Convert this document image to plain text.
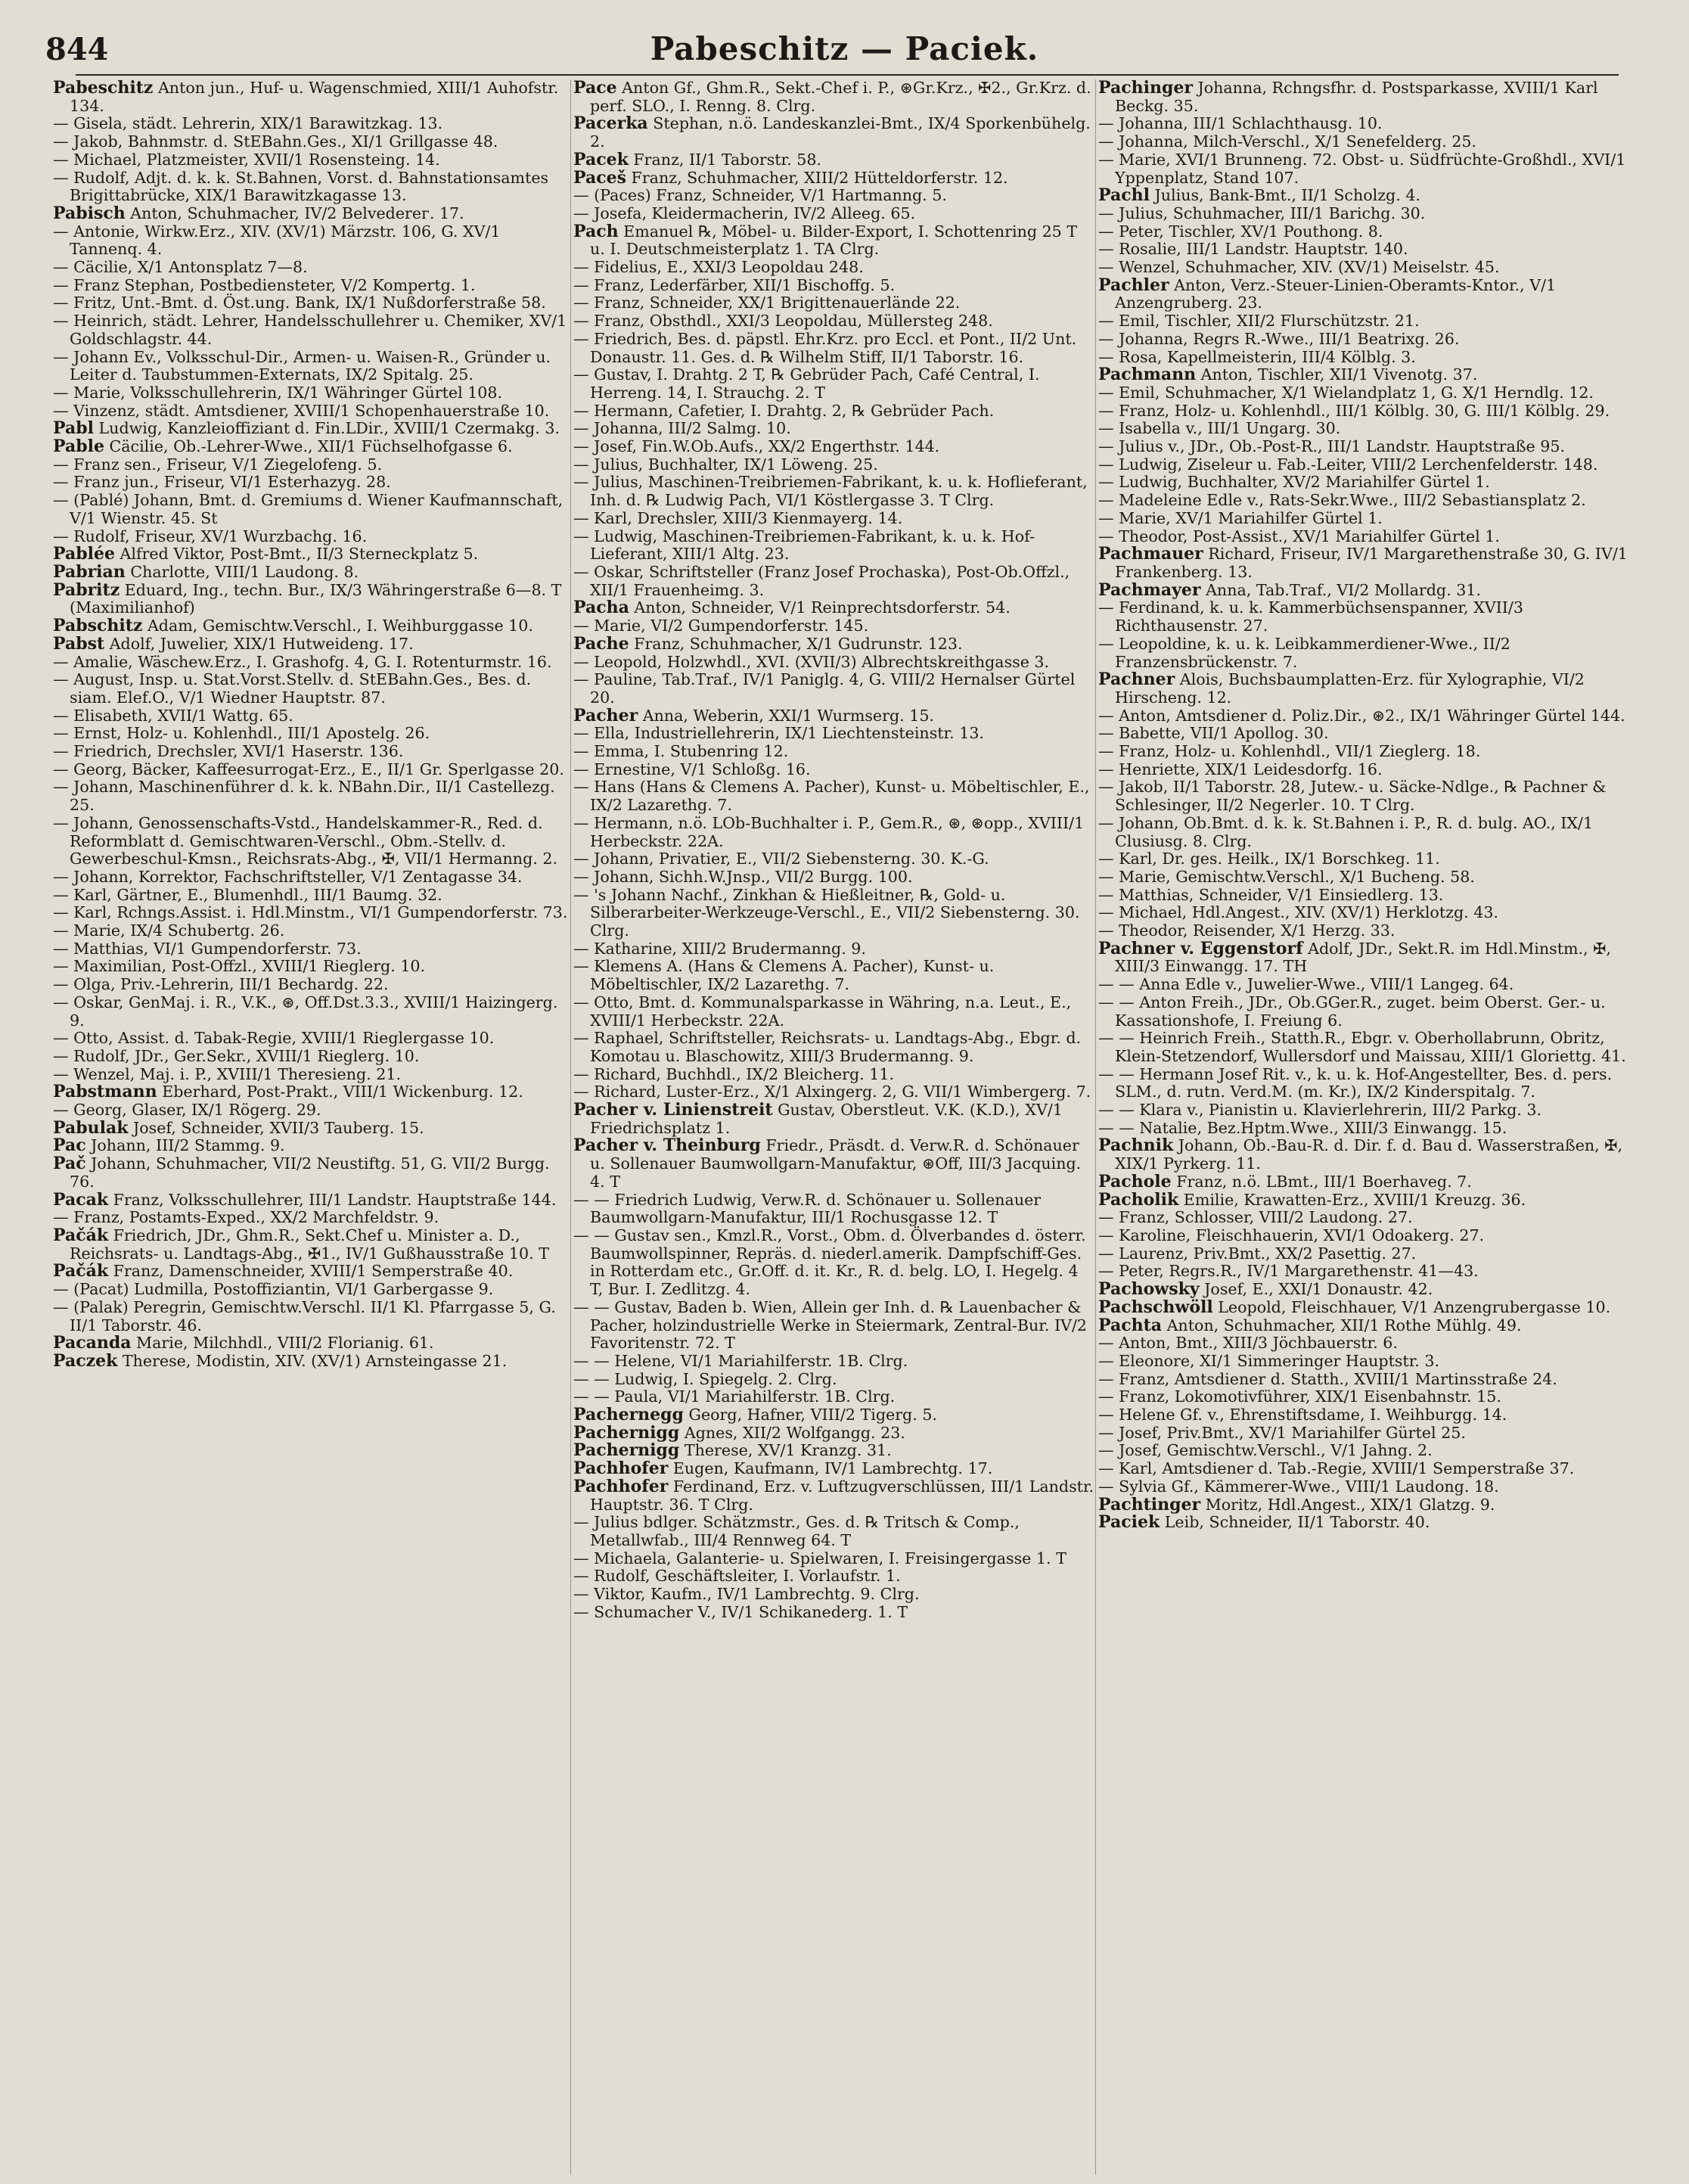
844	Pabeschitz — Paciek.

Pabeschitz Anton jun., Huf- u. Wagenschmied, XIII/1 Auhofstr. 134.

— Gisela, städt. Lehrerin, XIX/1 Barawitzkag. 13.

— Jakob, Bahnmstr. d. StEBahn.Ges., XI/1 Grillgasse 48.

— Michael, Platzmeister, XVII/1 Rosensteing. 14.

— Rudolf, Adjt. d. k. k. St.Bahnen, Vorst. d. Bahnstationsamtes Brigittabrücke, XIX/1 Barawitzkagasse 13.

Pabisch Anton, Schuhmacher, IV/2 Belvederег. 17.

— Antonie, Wirkw.Erz., XIV. (XV/1) Märzstr. 106, G. XV/1 Tannenq. 4.

— Cäcilie, X/1 Antonsplatz 7—8.

— Franz Stephan, Postbediensteter, V/2 Kompertg. 1.

— Fritz, Unt.-Bmt. d. Öst.ung. Bank, IX/1 Nußdorferstraße 58.

— Heinrich, städt. Lehrer, Handelsschullehrer u. Chemiker, XV/1 Goldschlagstr. 44.

— Johann Ev., Volksschul-Dir., Armen- u. Waisen-R., Gründer u. Leiter d. Taubstummen-Externats, IX/2 Spitalg. 25.

— Marie, Volksschullehrerin, IX/1 Währinger Gürtel 108.

— Vinzenz, städt. Amtsdiener, XVIII/1 Schopenhauerstraße 10.

Pabl Ludwig, Kanzleioffiziant d. Fin.LDir., XVIII/1 Czermakg. 3.

Pable Cäcilie, Ob.-Lehrer-Wwe., XII/1 Füchselhofgasse 6.

— Franz sen., Friseur, V/1 Ziegelofeng. 5.

— Franz jun., Friseur, VI/1 Esterhazyg. 28.

— (Pablé) Johann, Bmt. d. Gremiums d. Wiener Kaufmannschaft, V/1 Wienstr. 45. St

— Rudolf, Friseur, XV/1 Wurzbachg. 16.

Pablée Alfred Viktor, Post-Bmt., II/3 Sterneckplatz 5.

Pabrian Charlotte, VIII/1 Laudong. 8.

Pabritz Eduard, Ing., techn. Bur., IX/3 Währingerstraße 6—8. T (Maximilianhof)

Pabschitz Adam, Gemischtw.Verschl., I. Weihburggasse 10.

Pabst Adolf, Juwelier, XIX/1 Hutweideng. 17.

— Amalie, Wäschew.Erz., I. Grashofg. 4, G. I. Rotenturmstr. 16.

— August, Insp. u. Stat.Vorst.Stellv. d. StEBahn.Ges., Bes. d. siam. Elef.O., V/1 Wiedner Hauptstr. 87.

— Elisabeth, XVII/1 Wattg. 65.

— Ernst, Holz- u. Kohlenhdl., III/1 Apostelg. 26.

— Friedrich, Drechsler, XVI/1 Haserstr. 136.

— Georg, Bäcker, Kaffeesurrogat-Erz., E., II/1 Gr. Sperlgasse 20.

— Johann, Maschinenführer d. k. k. NBahn.Dir., II/1 Castellezg. 25.

— Johann, Genossenschafts-Vstd., Handelskammer-R., Red. d. Reformblatt d. Gemischtwaren-Verschl., Obm.-Stellv. d. Gewerbeschul-Kmsn., Reichsrats-Abg., ✠, VII/1 Hermanng. 2.

— Johann, Korrektor, Fachschriftsteller, V/1 Zentagasse 34.

— Karl, Gärtner, E., Blumenhdl., III/1 Baumg. 32.

— Karl, Rchngs.Assist. i. Hdl.Minstm., VI/1 Gumpendorferstr. 73.

— Marie, IX/4 Schubertg. 26.

— Matthias, VI/1 Gumpendorferstr. 73.

— Maximilian, Post-Offzl., XVIII/1 Rieglerg. 10.

— Olga, Priv.-Lehrerin, III/1 Bechardg. 22.

— Oskar, GenMaj. i. R., V.K., ⊛, Off.Dst.3.3., XVIII/1 Haizingerg. 9.

— Otto, Assist. d. Tabak-Regie, XVIII/1 Rieglergasse 10.

— Rudolf, JDr., Ger.Sekr., XVIII/1 Rieglerg. 10.

— Wenzel, Maj. i. P., XVIII/1 Theresieng. 21.

Pabstmann Eberhard, Post-Prakt., VIII/1 Wickenburg. 12.

— Georg, Glaser, IX/1 Rögerg. 29.

Pabulak Josef, Schneider, XVII/3 Tauberg. 15.

Pac Johann, III/2 Stammg. 9.

Pač Johann, Schuhmacher, VII/2 Neustiftg. 51, G. VII/2 Burgg. 76.

Pacak Franz, Volksschullehrer, III/1 Landstr. Hauptstraße 144.

— Franz, Postamts-Exped., XX/2 Marchfeldstr. 9.

Pačák Friedrich, JDr., Ghm.R., Sekt.Chef u. Minister a. D., Reichsrats- u. Landtags-Abg., ✠1., IV/1 Gußhausstraße 10. T

Pačák Franz, Damenschneider, XVIII/1 Semperstraße 40.

— (Pacat) Ludmilla, Postoffiziantin, VI/1 Garbergasse 9.

— (Palak) Peregrin, Gemischtw.Verschl. II/1 Kl. Pfarrgasse 5, G. II/1 Taborstr. 46.

Pacanda Marie, Milchhdl., VIII/2 Florianig. 61.

Paczek Therese, Modistin, XIV. (XV/1) Arnsteingasse 21.

Pace Anton Gf., Ghm.R., Sekt.-Chef i. P., ⊛Gr.Krz., ✠2., Gr.Krz. d. perf. SLO., I. Renng. 8. Clrg.

Pacerka Stephan, n.ö. Landeskanzlei-Bmt., IX/4 Sporkenbühelg. 2.

Pacek Franz, II/1 Taborstr. 58.

Paceš Franz, Schuhmacher, XIII/2 Hütteldorferstr. 12.

— (Paces) Franz, Schneider, V/1 Hartmanng. 5.

— Josefa, Kleidermacherin, IV/2 Alleeg. 65.

Pach Emanuel ℞, Möbel- u. Bilder-Export, I. Schottenring 25 T u. I. Deutschmeisterplatz 1. TA Clrg.

— Fidelius, E., XXI/3 Leopoldau 248.

— Franz, Lederfärber, XII/1 Bischoffg. 5.

— Franz, Schneider, XX/1 Brigittenauerlände 22.

— Franz, Obsthdl., XXI/3 Leopoldau, Müllersteg 248.

— Friedrich, Bes. d. päpstl. Ehr.Krz. pro Eccl. et Pont., II/2 Unt. Donaustr. 11. Ges. d. ℞ Wilhelm Stiff, II/1 Taborstr. 16.

— Gustav, I. Drahtg. 2 T, ℞ Gebrüder Pach, Café Central, I. Herreng. 14, I. Strauchg. 2. T

— Hermann, Cafetier, I. Drahtg. 2, ℞ Gebrüder Pach.

— Johanna, III/2 Salmg. 10.

— Josef, Fin.W.Ob.Aufs., XX/2 Engerthstr. 144.

— Julius, Buchhalter, IX/1 Löweng. 25.

— Julius, Maschinen-Treibriemen-Fabrikant, k. u. k. Hoflieferant, Inh. d. ℞ Ludwig Pach, VI/1 Köstlergasse 3. T Clrg.

— Karl, Drechsler, XIII/3 Kienmayerg. 14.

— Ludwig, Maschinen-Treibriemen-Fabrikant, k. u. k. Hof-Lieferant, XIII/1 Altg. 23.

— Oskar, Schriftsteller (Franz Josef Prochaska), Post-Ob.Offzl., XII/1 Frauenheimg. 3.

Pacha Anton, Schneider, V/1 Reinprechtsdorferstr. 54.

— Marie, VI/2 Gumpendorferstr. 145.

Pache Franz, Schuhmacher, X/1 Gudrunstr. 123.

— Leopold, Holzwhdl., XVI. (XVII/3) Albrechtskreithgasse 3.

— Pauline, Tab.Traf., IV/1 Paniglg. 4, G. VIII/2 Hernalser Gürtel 20.

Pacher Anna, Weberin, XXI/1 Wurmserg. 15.

— Ella, Industriellehrerin, IX/1 Liechtensteinstr. 13.

— Emma, I. Stubenring 12.

— Ernestine, V/1 Schloßg. 16.

— Hans (Hans & Clemens A. Pacher), Kunst- u. Möbeltischler, E., IX/2 Lazarethg. 7.

— Hermann, n.ö. LOb-Buchhalter i. P., Gem.R., ⊛, ⊛opp., XVIII/1 Herbeckstr. 22A.

— Johann, Privatier, E., VII/2 Siebensterng. 30. K.-G.

— Johann, Sichh.W.Jnsp., VII/2 Burgg. 100.

— 's Johann Nachf., Zinkhan & Hießleitner, ℞, Gold- u. Silberarbeiter-Werkzeuge-Verschl., E., VII/2 Siebensterng. 30. Clrg.

— Katharine, XIII/2 Brudermanng. 9.

— Klemens A. (Hans & Clemens A. Pacher), Kunst- u. Möbeltischler, IX/2 Lazarethg. 7.

— Otto, Bmt. d. Kommunalsparkasse in Währing, n.a. Leut., E., XVIII/1 Herbeckstr. 22A.

— Raphael, Schriftsteller, Reichsrats- u. Landtags-Abg., Ebgr. d. Komotau u. Blaschowitz, XIII/3 Brudermanng. 9.

— Richard, Buchhdl., IX/2 Bleicherg. 11.

— Richard, Luster-Erz., X/1 Alxingerg. 2, G. VII/1 Wimbergerg. 7.

Pacher v. Linienstreit Gustav, Oberstleut. V.K. (K.D.), XV/1 Friedrichsplatz 1.

Pacher v. Theinburg Friedr., Präsdt. d. Verw.R. d. Schönauer u. Sollenauer Baumwollgarn-Manufaktur, ⊛Off, III/3 Jacquing. 4. T

— — Friedrich Ludwig, Verw.R. d. Schönauer u. Sollenauer Baumwollgarn-Manufaktur, III/1 Rochusgasse 12. T

— — Gustav sen., Kmzl.R., Vorst., Obm. d. Ölverbandes d. österr. Baumwollspinner, Repräs. d. niederl.amerik. Dampfschiff-Ges. in Rotterdam etc., Gr.Off. d. it. Kr., R. d. belg. LO, I. Hegelg. 4 T, Bur. I. Zedlitzg. 4.

— — Gustav, Baden b. Wien, Allein ger Inh. d. ℞ Lauenbacher & Pacher, holzindustrielle Werke in Steiermark, Zentral-Bur. IV/2 Favoritenstr. 72. T

— — Helene, VI/1 Mariahilferstr. 1B. Clrg.

— — Ludwig, I. Spiegelg. 2. Clrg.

— — Paula, VI/1 Mariahilferstr. 1B. Clrg.

Pachernegg Georg, Hafner, VIII/2 Tigerg. 5.

Pachernigg Agnes, XII/2 Wolfgangg. 23.

Pachernigg Therese, XV/1 Kranzg. 31.

Pachhofer Eugen, Kaufmann, IV/1 Lambrechtg. 17.

Pachhofer Ferdinand, Erz. v. Luftzugverschlüssen, III/1 Landstr. Hauptstr. 36. T Clrg.

— Julius bdlger. Schätzmstr., Ges. d. ℞ Tritsch & Comp., Metallwfab., III/4 Rennweg 64. T

— Michaela, Galanterie- u. Spielwaren, I. Freisingergasse 1. T

— Rudolf, Geschäftsleiter, I. Vorlaufstr. 1.

— Viktor, Kaufm., IV/1 Lambrechtg. 9. Clrg.

— Schumacher V., IV/1 Schikanederg. 1. T

Pachinger Johanna, Rchngsfhr. d. Postsparkasse, XVIII/1 Karl Beckg. 35.

— Johanna, III/1 Schlachthausg. 10.

— Johanna, Milch-Verschl., X/1 Senefelderg. 25.

— Marie, XVI/1 Brunneng. 72. Obst- u. Südfrüchte-Großhdl., XVI/1 Yppenplatz, Stand 107.

Pachl Julius, Bank-Bmt., II/1 Scholzg. 4.

— Julius, Schuhmacher, III/1 Barichg. 30.

— Peter, Tischler, XV/1 Pouthong. 8.

— Rosalie, III/1 Landstr. Hauptstr. 140.

— Wenzel, Schuhmacher, XIV. (XV/1) Meiselstr. 45.

Pachler Anton, Verz.-Steuer-Linien-Oberamts-Kntor., V/1 Anzengruberg. 23.

— Emil, Tischler, XII/2 Flurschützstr. 21.

— Johanna, Regrs R.-Wwe., III/1 Beatrixg. 26.

— Rosa, Kapellmeisterin, III/4 Kölblg. 3.

Pachmann Anton, Tischler, XII/1 Vivenotg. 37.

— Emil, Schuhmacher, X/1 Wielandplatz 1, G. X/1 Herndlg. 12.

— Franz, Holz- u. Kohlenhdl., III/1 Kölblg. 30, G. III/1 Kölblg. 29.

— Isabella v., III/1 Ungarg. 30.

— Julius v., JDr., Ob.-Post-R., III/1 Landstr. Hauptstraße 95.

— Ludwig, Ziseleur u. Fab.-Leiter, VIII/2 Lerchenfelderstr. 148.

— Ludwig, Buchhalter, XV/2 Mariahilfer Gürtel 1.

— Madeleine Edle v., Rats-Sekr.Wwe., III/2 Sebastiansplatz 2.

— Marie, XV/1 Mariahilfer Gürtel 1.

— Theodor, Post-Assist., XV/1 Mariahilfer Gürtel 1.

Pachmauer Richard, Friseur, IV/1 Margarethenstraße 30, G. IV/1 Frankenberg. 13.

Pachmayer Anna, Tab.Traf., VI/2 Mollardg. 31.

— Ferdinand, k. u. k. Kammerbüchsenspanner, XVII/3 Richthausenstr. 27.

— Leopoldine, k. u. k. Leibkammerdiener-Wwe., II/2 Franzensbrückenstr. 7.

Pachner Alois, Buchsbaumplatten-Erz. für Xylographie, VI/2 Hirscheng. 12.

— Anton, Amtsdiener d. Poliz.Dir., ⊛2., IX/1 Währinger Gürtel 144.

— Babette, VII/1 Apollog. 30.

— Franz, Holz- u. Kohlenhdl., VII/1 Zieglerg. 18.

— Henriette, XIX/1 Leidesdorfg. 16.

— Jakob, II/1 Taborstr. 28, Jutew.- u. Säcke-Ndlge., ℞ Pachner & Schlesinger, II/2 Negerlег. 10. T Clrg.

— Johann, Ob.Bmt. d. k. k. St.Bahnen i. P., R. d. bulg. AO., IX/1 Clusiusg. 8. Clrg.

— Karl, Dr. ges. Heilk., IX/1 Borschkeg. 11.

— Marie, Gemischtw.Verschl., X/1 Bucheng. 58.

— Matthias, Schneider, V/1 Einsiedlerg. 13.

— Michael, Hdl.Angest., XIV. (XV/1) Herklotzg. 43.

— Theodor, Reisender, X/1 Herzg. 33.

Pachner v. Eggenstorf Adolf, JDr., Sekt.R. im Hdl.Minstm., ✠, XIII/3 Einwangg. 17. TH

— — Anna Edle v., Juwelier-Wwe., VIII/1 Langeg. 64.

— — Anton Freih., JDr., Ob.GGer.R., zuget. beim Oberst. Ger.- u. Kassationshofe, I. Freiung 6.

— — Heinrich Freih., Statth.R., Ebgr. v. Oberhollabrunn, Obritz, Klein-Stetzendorf, Wullersdorf und Maissau, XIII/1 Gloriettg. 41.

— — Hermann Josef Rit. v., k. u. k. Hof-Angestellter, Bes. d. pers. SLM., d. rutn. Verd.M. (m. Kr.), IX/2 Kinderspitalg. 7.

— — Klara v., Pianistin u. Klavierlehrerin, III/2 Parkg. 3.

— — Natalie, Bez.Hptm.Wwe., XIII/3 Einwangg. 15.

Pachnik Johann, Ob.-Bau-R. d. Dir. f. d. Bau d. Wasserstraßen, ✠, XIX/1 Pyrkerg. 11.

Pachole Franz, n.ö. LBmt., III/1 Boerhaveg. 7.

Pacholik Emilie, Krawatten-Erz., XVIII/1 Kreuzg. 36.

— Franz, Schlosser, VIII/2 Laudong. 27.

— Karoline, Fleischhauerin, XVI/1 Odoakerg. 27.

— Laurenz, Priv.Bmt., XX/2 Pasettig. 27.

— Peter, Regrs.R., IV/1 Margarethenstr. 41—43.

Pachowsky Josef, E., XXI/1 Donaustr. 42.

Pachschwöll Leopold, Fleischhauer, V/1 Anzengrubergasse 10.

Pachta Anton, Schuhmacher, XII/1 Rothe Mühlg. 49.

— Anton, Bmt., XIII/3 Jöchbauerstr. 6.

— Eleonore, XI/1 Simmeringer Hauptstr. 3.

— Franz, Amtsdiener d. Statth., XVIII/1 Martinsstraße 24.

— Franz, Lokomotivführer, XIX/1 Eisenbahnstr. 15.

— Helene Gf. v., Ehrenstiftsdame, I. Weihburgg. 14.

— Josef, Priv.Bmt., XV/1 Mariahilfer Gürtel 25.

— Josef, Gemischtw.Verschl., V/1 Jahng. 2.

— Karl, Amtsdiener d. Tab.-Regie, XVIII/1 Semperstraße 37.

— Sylvia Gf., Kämmerer-Wwe., VIII/1 Laudong. 18.

Pachtinger Moritz, Hdl.Angest., XIX/1 Glatzg. 9.

Paciek Leib, Schneider, II/1 Taborstr. 40.
